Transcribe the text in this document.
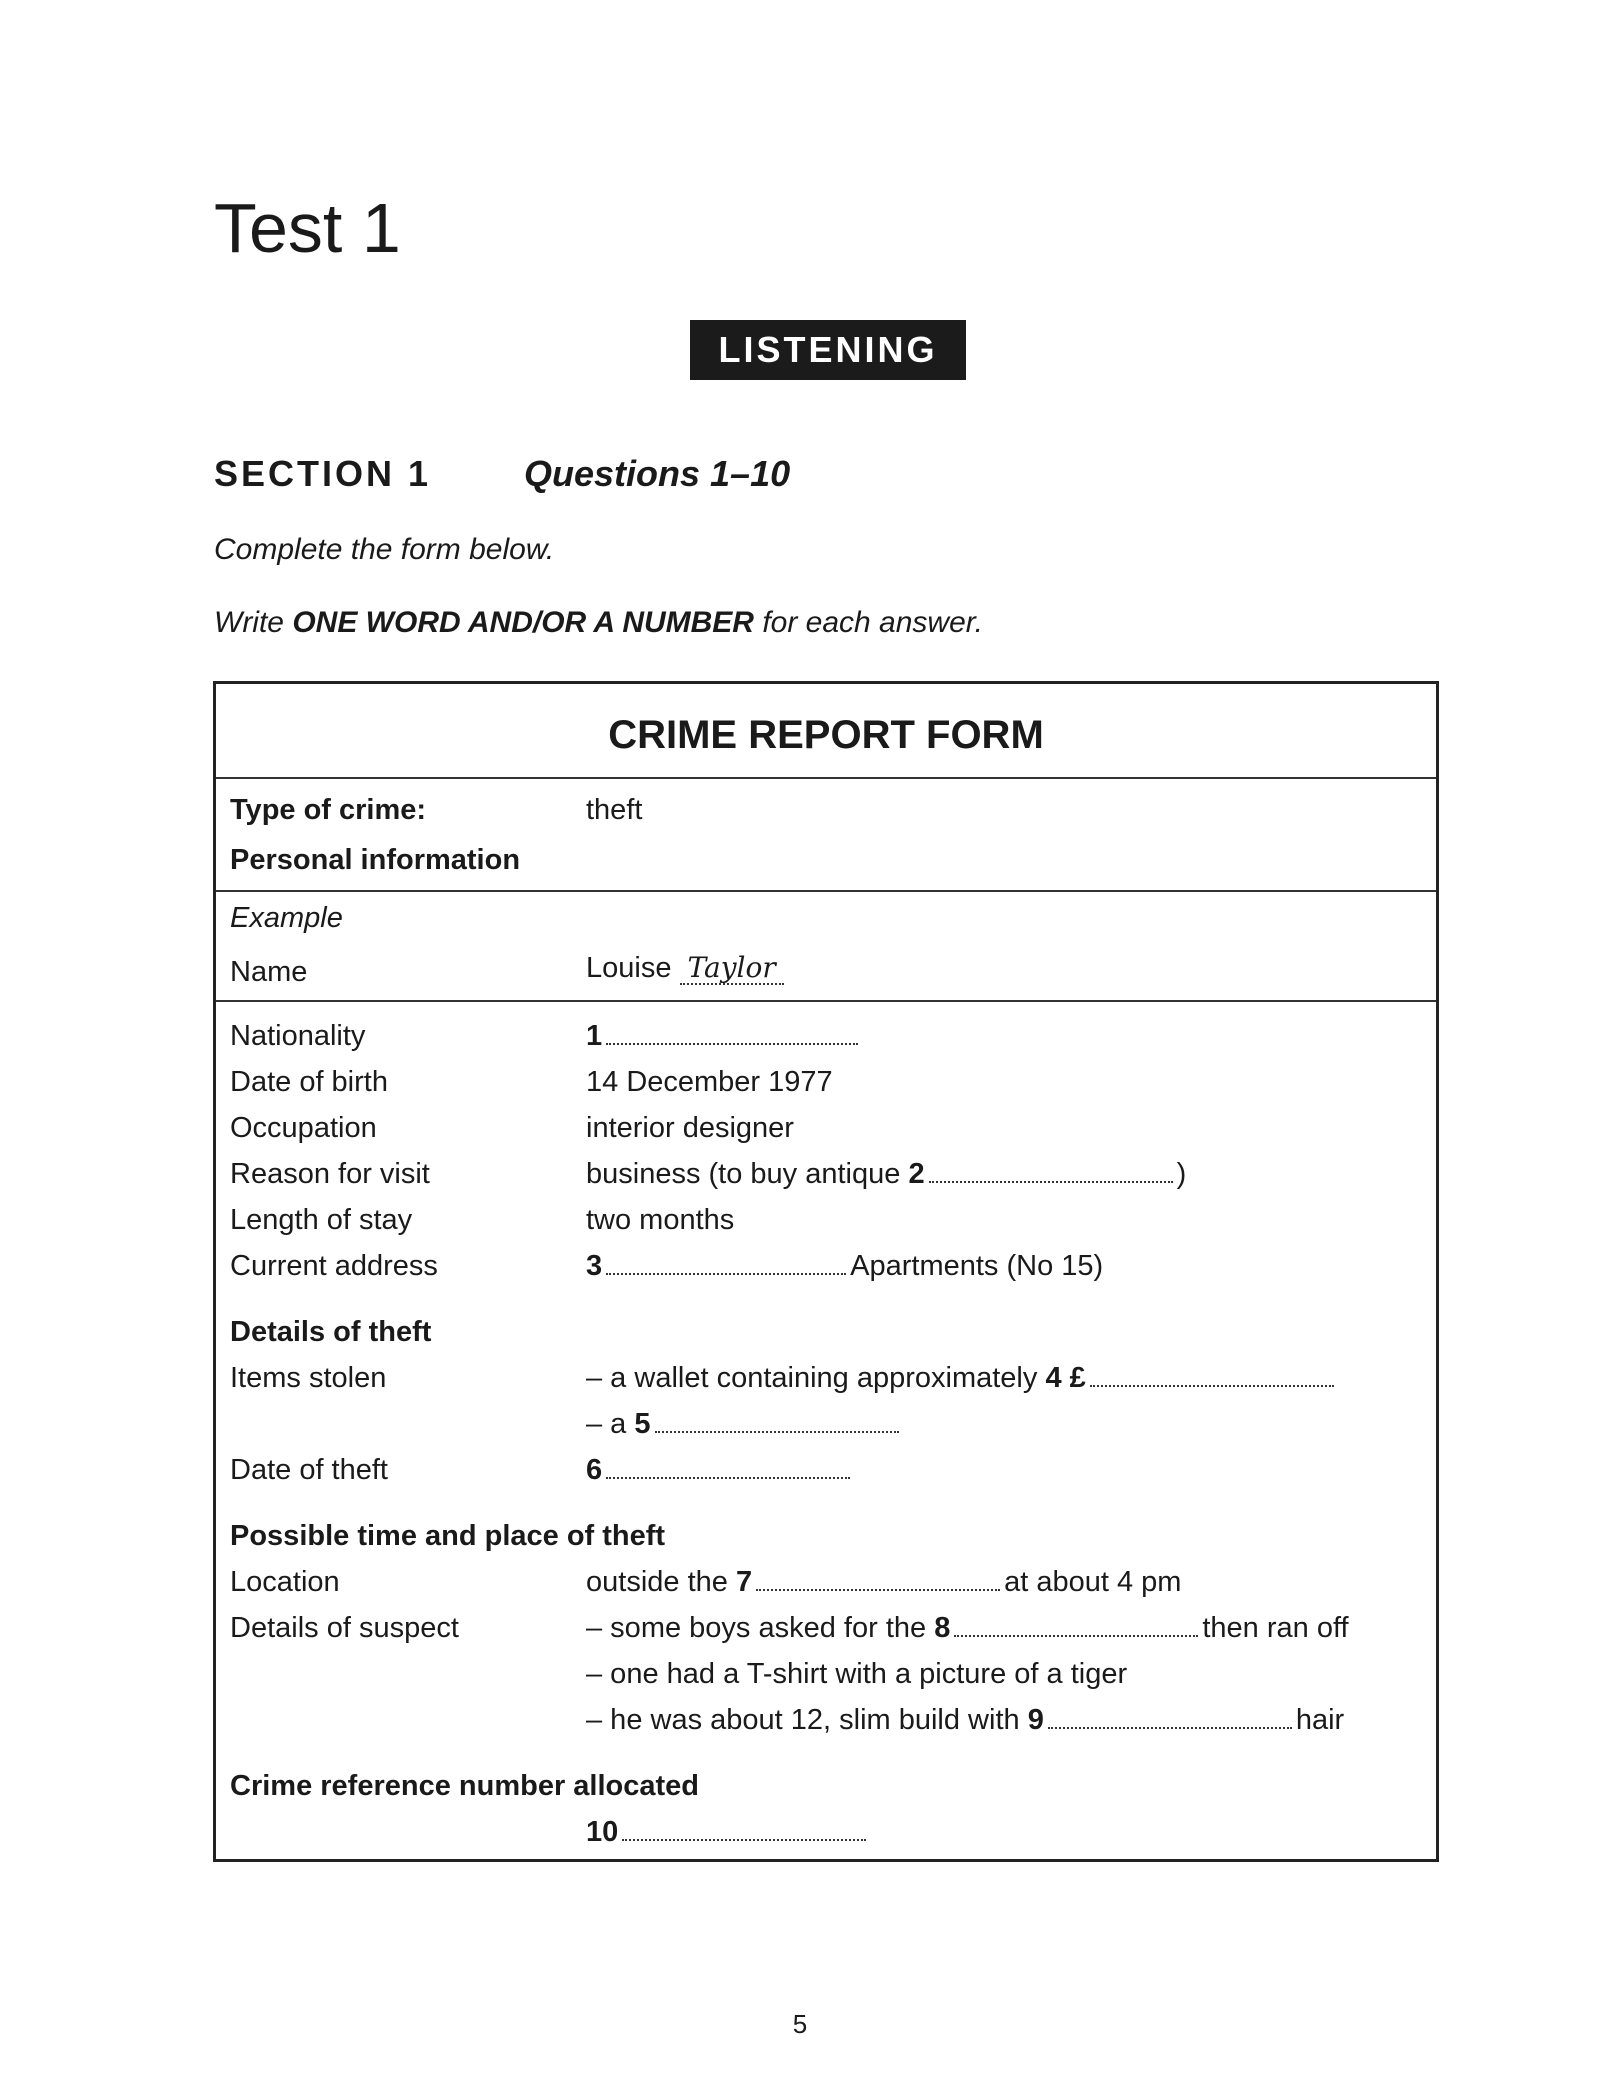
Test 1
LISTENING
SECTION 1	Questions 1–10
Complete the form below.
Write ONE WORD AND/OR A NUMBER for each answer.
CRIME REPORT FORM
Type of crime:	theft
Personal information
Example
Name	Louise Taylor
Nationality	1
Date of birth	14 December 1977
Occupation	interior designer
Reason for visit	business (to buy antique 2	)
Length of stay	two months
Current address	3	Apartments (No 15)
Details of theft
Items stolen	– a wallet containing approximately 4 £
– a 5
Date of theft	6
Possible time and place of theft
Location	outside the 7	at about 4 pm
Details of suspect	– some boys asked for the 8	then ran off
– one had a T-shirt with a picture of a tiger
– he was about 12, slim build with 9	hair
Crime reference number allocated
10
5
